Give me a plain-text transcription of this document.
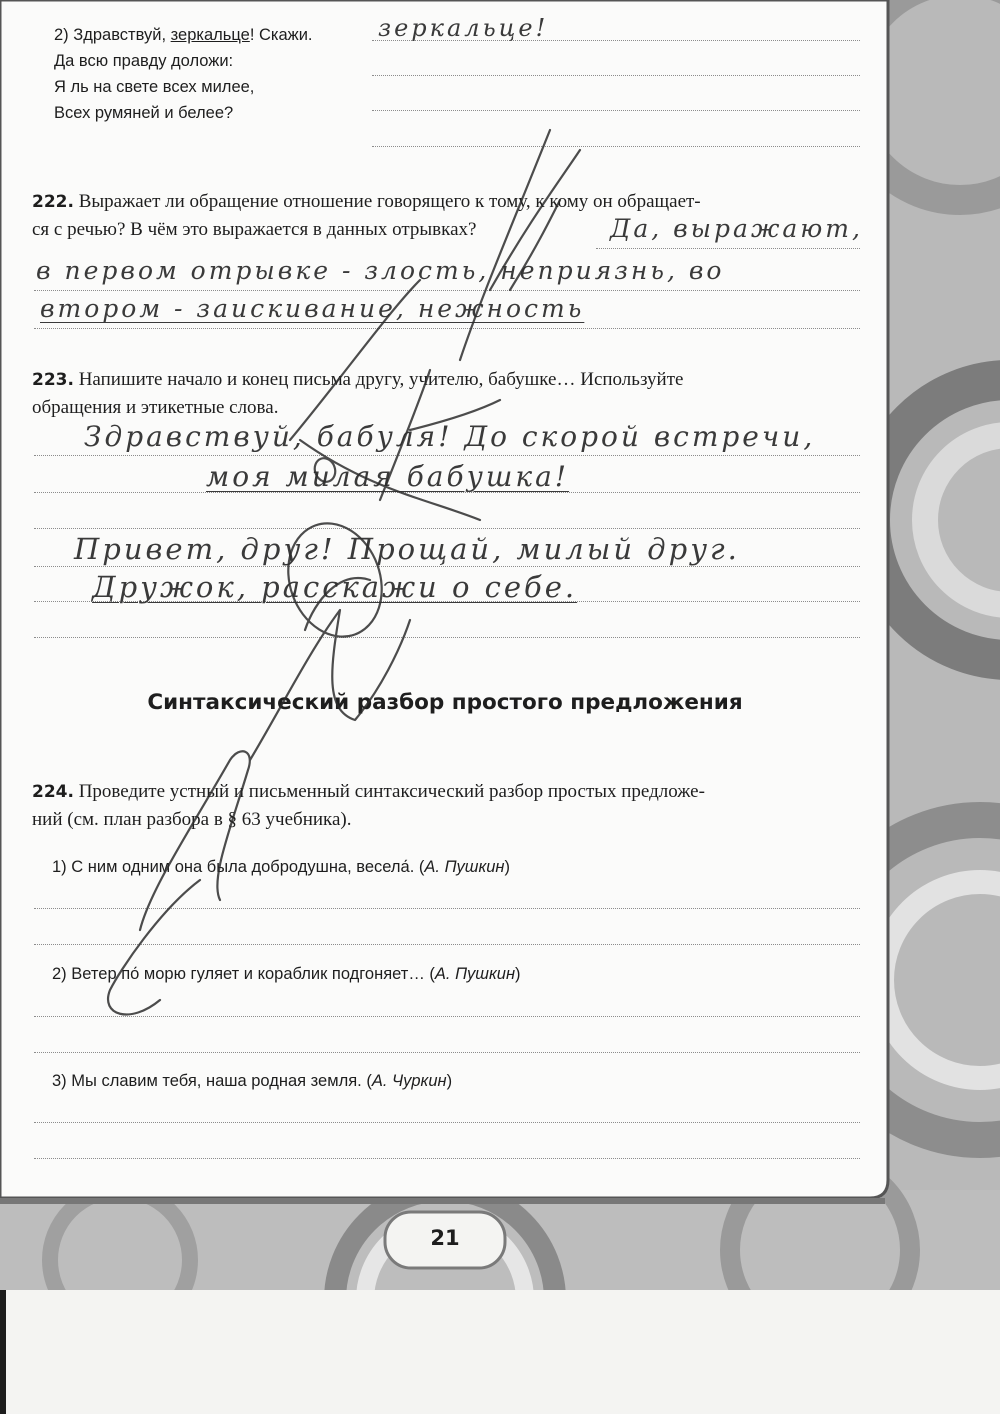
2) Здравствуй, зеркальце! Скажи.
Да всю правду доложи:
Я ль на свете всех милее,
Всех румяней и белее?
зеркальце!
222. Выражает ли обращение отношение говорящего к тому, к кому он обращает-
ся с речью? В чём это выражается в данных отрывках?	Да, выражают,
в первом отрывке - злость, неприязнь, во
втором - заискивание, нежность
223. Напишите начало и конец письма другу, учителю, бабушке… Используйте
обращения и этикетные слова.
Здравствуй, бабуля! До скорой встречи,
моя милая бабушка!
Привет, друг! Прощай, милый друг.
Дружок, расскажи о себе.
Синтаксический разбор простого предложения
224. Проведите устный и письменный синтаксический разбор простых предложе-
ний (см. план разбора в § 63 учебника).
1) С ним одним она была добродушна, весела́. (А. Пушкин)
2) Ветер по́ морю гуляет и кораблик подгоняет… (А. Пушкин)
3) Мы славим тебя, наша родная земля. (А. Чуркин)
21
